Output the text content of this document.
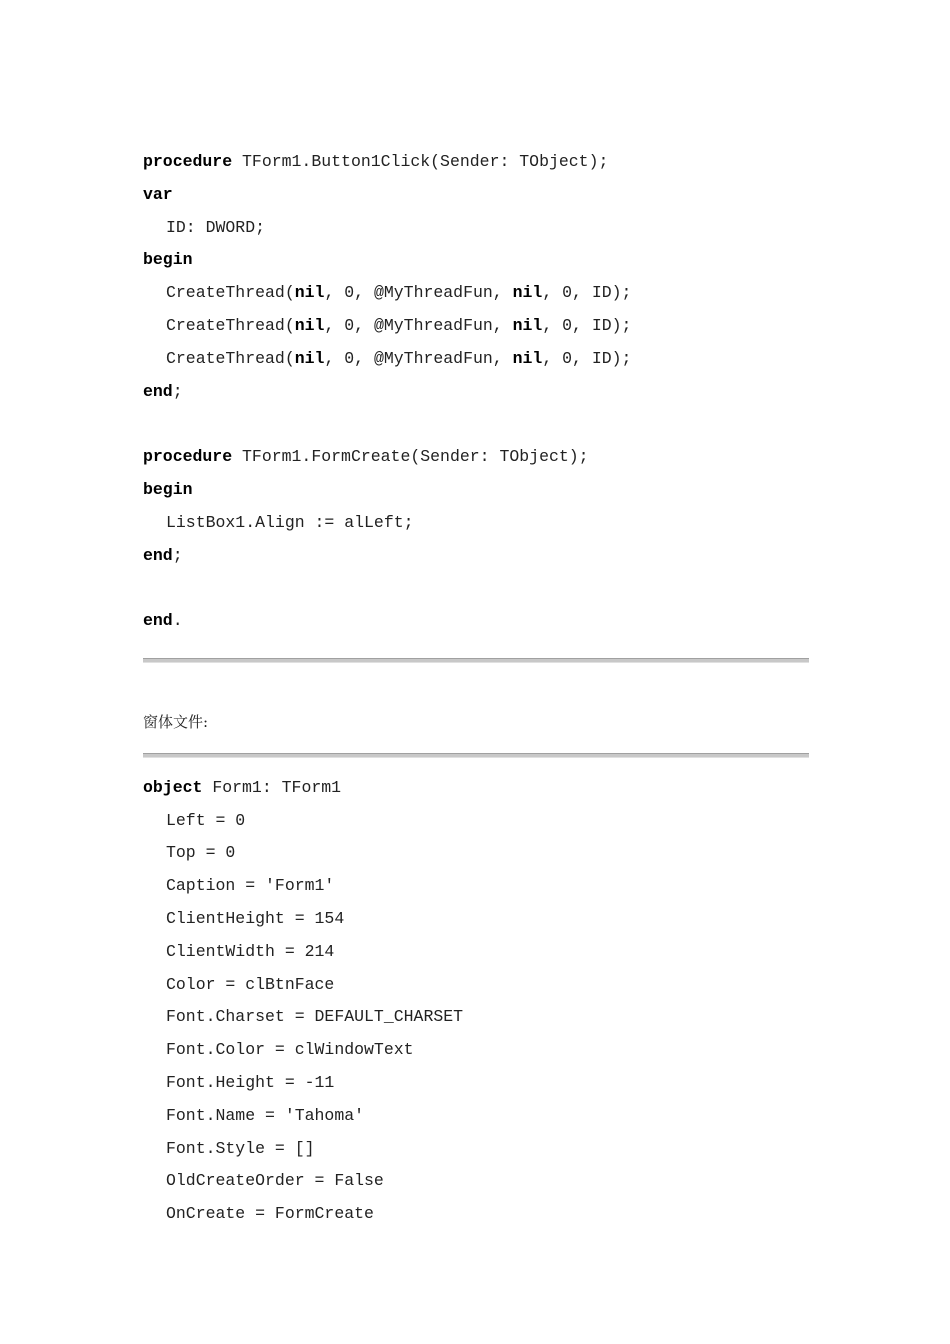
procedure TForm1.Button1Click(Sender: TObject);
var
ID: DWORD;
begin
CreateThread(nil, 0, @MyThreadFun, nil, 0, ID);
CreateThread(nil, 0, @MyThreadFun, nil, 0, ID);
CreateThread(nil, 0, @MyThreadFun, nil, 0, ID);
end;
procedure TForm1.FormCreate(Sender: TObject);
begin
ListBox1.Align := alLeft;
end;
end.
窗体文件:
object Form1: TForm1
Left = 0
Top = 0
Caption = 'Form1'
ClientHeight = 154
ClientWidth = 214
Color = clBtnFace
Font.Charset = DEFAULT_CHARSET
Font.Color = clWindowText
Font.Height = -11
Font.Name = 'Tahoma'
Font.Style = []
OldCreateOrder = False
OnCreate = FormCreate
